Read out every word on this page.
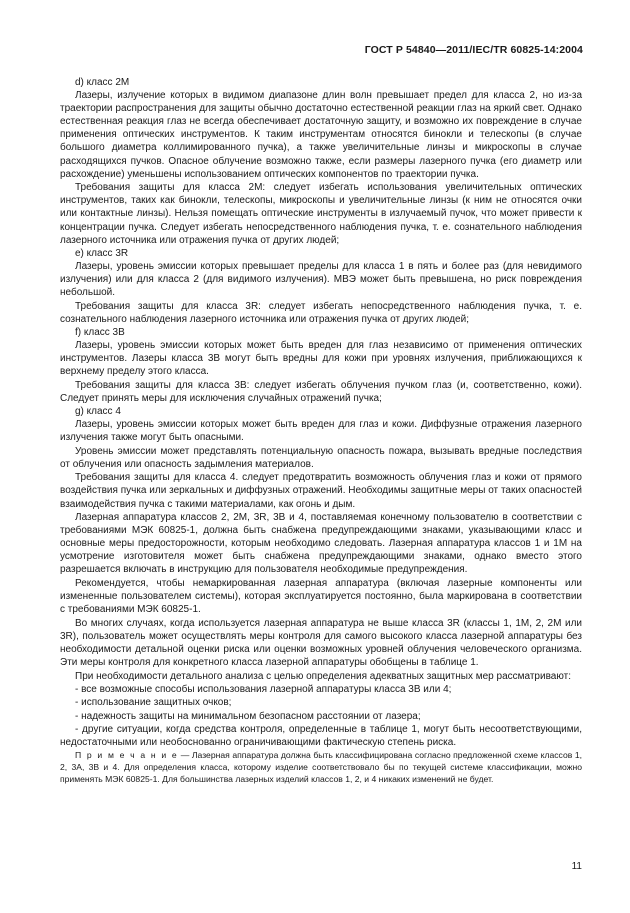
ГОСТ Р 54840—2011/IEC/TR 60825-14:2004

d) класс 2М

Лазеры, излучение которых в видимом диапазоне длин волн превышает предел для класса 2, но из-за траектории распространения для защиты обычно достаточно естественной реакции глаз на яркий свет. Однако естественная реакция глаз не всегда обеспечивает достаточную защиту, и возможно их повреждение в случае применения оптических инструментов. К таким инструментам относятся бинокли и телескопы (в случае большого диаметра коллимированного пучка), а также увеличительные линзы и микроскопы в случае расходящихся пучков. Опасное облучение возможно также, если размеры лазерного пучка (его диаметр или расхождение) уменьшены использованием оптических компонентов по траектории пучка.

Требования защиты для класса 2М: следует избегать использования увеличительных оптических инструментов, таких как бинокли, телескопы, микроскопы и увеличительные линзы (к ним не относятся очки или контактные линзы). Нельзя помещать оптические инструменты в излучаемый пучок, что может привести к концентрации пучка. Следует избегать непосредственного наблюдения пучка, т. е. сознательного наблюдения лазерного источника или отражения пучка от других людей;

е) класс 3R

Лазеры, уровень эмиссии которых превышает пределы для класса 1 в пять и более раз (для невидимого излучения) или для класса 2 (для видимого излучения). МВЭ может быть превышена, но риск повреждения небольшой.

Требования защиты для класса 3R: следует избегать непосредственного наблюдения пучка, т. е. сознательного наблюдения лазерного источника или отражения пучка от других людей;

f) класс 3В

Лазеры, уровень эмиссии которых может быть вреден для глаз независимо от применения оптических инструментов. Лазеры класса 3В могут быть вредны для кожи при уровнях излучения, приближающихся к верхнему пределу этого класса.

Требования защиты для класса 3В: следует избегать облучения пучком глаз (и, соответственно, кожи). Следует принять меры для исключения случайных отражений пучка;

g) класс 4

Лазеры, уровень эмиссии которых может быть вреден для глаз и кожи. Диффузные отражения лазерного излучения также могут быть опасными.

Уровень эмиссии может представлять потенциальную опасность пожара, вызывать вредные последствия от облучения или опасность задымления материалов.

Требования защиты для класса 4. следует предотвратить возможность облучения глаз и кожи от прямого воздействия пучка или зеркальных и диффузных отражений. Необходимы защитные меры от таких опасностей взаимодействия пучка с такими материалами, как огонь и дым.

Лазерная аппаратура классов 2, 2М, 3R, 3В и 4, поставляемая конечному пользователю в соответствии с требованиями МЭК 60825-1, должна быть снабжена предупреждающими знаками, указывающими класс и основные меры предосторожности, которым необходимо следовать. Лазерная аппаратура классов 1 и 1М на усмотрение изготовителя может быть снабжена предупреждающими знаками, однако вместо этого разрешается включать в инструкцию для пользователя необходимые предупреждения.

Рекомендуется, чтобы немаркированная лазерная аппаратура (включая лазерные компоненты или измененные пользователем системы), которая эксплуатируется постоянно, была маркирована в соответствии с требованиями МЭК 60825-1.

Во многих случаях, когда используется лазерная аппаратура не выше класса 3R (классы 1, 1М, 2, 2М или 3R), пользователь может осуществлять меры контроля для самого высокого класса лазерной аппаратуры без необходимости детальной оценки риска или оценки возможных уровней облучения человеческого организма. Эти меры контроля для конкретного класса лазерной аппаратуры обобщены в таблице 1.

При необходимости детального анализа с целью определения адекватных защитных мер рассматривают:

- все возможные способы использования лазерной аппаратуры класса 3В или 4;

- использование защитных очков;

- надежность защиты на минимальном безопасном расстоянии от лазера;

- другие ситуации, когда средства контроля, определенные в таблице 1, могут быть несоответствующими, недостаточными или необоснованно ограничивающими фактическую степень риска.

П р и м е ч а н и е — Лазерная аппаратура должна быть классифицирована согласно предложенной схеме классов 1, 2, 3А, 3В и 4. Для определения класса, которому изделие соответствовало бы по текущей системе классификации, можно применять МЭК 60825-1. Для большинства лазерных изделий классов 1, 2, и 4 никаких изменений не будет.

11
